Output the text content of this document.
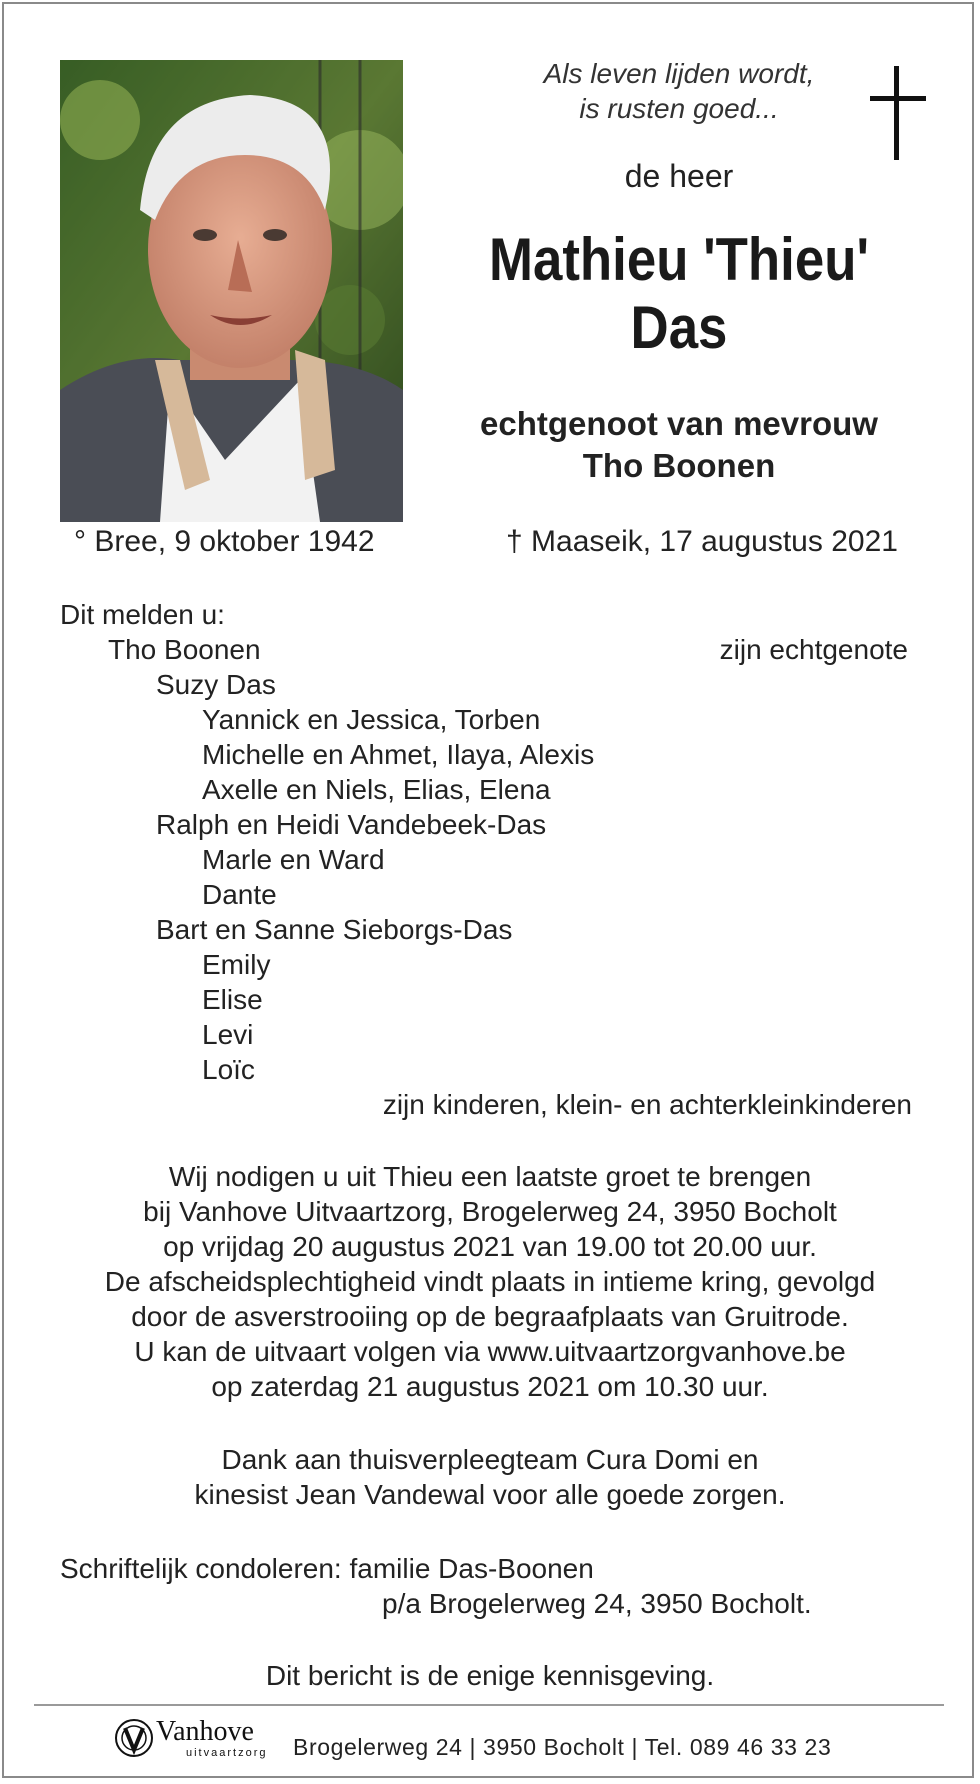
Als leven lijden wordt,
is rusten goed...
de heer
Mathieu 'Thieu'
Das
echtgenoot van mevrouw
Tho Boonen
° Bree, 9 oktober 1942	† Maaseik, 17 augustus 2021
Dit melden u:
Tho Boonen	zijn echtgenote
Suzy Das
Yannick en Jessica, Torben
Michelle en Ahmet, Ilaya, Alexis
Axelle en Niels, Elias, Elena
Ralph en Heidi Vandebeek-Das
Marle en Ward
Dante
Bart en Sanne Sieborgs-Das
Emily
Elise
Levi
Loïc
zijn kinderen, klein- en achterkleinkinderen
Wij nodigen u uit Thieu een laatste groet te brengen
bij Vanhove Uitvaartzorg, Brogelerweg 24, 3950 Bocholt
op vrijdag 20 augustus 2021 van 19.00 tot 20.00 uur.
De afscheidsplechtigheid vindt plaats in intieme kring, gevolgd
door de asverstrooiing op de begraafplaats van Gruitrode.
U kan de uitvaart volgen via www.uitvaartzorgvanhove.be
op zaterdag 21 augustus 2021 om 10.30 uur.
Dank aan thuisverpleegteam Cura Domi en
kinesist Jean Vandewal voor alle goede zorgen.
Schriftelijk condoleren: familie Das-Boonen
p/a Brogelerweg 24, 3950 Bocholt.
Dit bericht is de enige kennisgeving.
Vanhove
uitvaartzorg Brogelerweg 24 | 3950 Bocholt | Tel. 089 46 33 23
